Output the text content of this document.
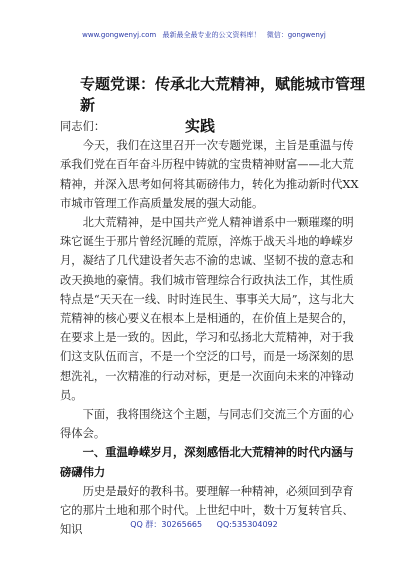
www.gongwenyj.com 最新最全最专业的公文资料库！ 微信：gongwenyj
专题党课：传承北大荒精神，赋能城市管理新
实践

同志们：

今天，我们在这里召开一次专题党课，主旨是重温与传承我们党在百年奋斗历程中铸就的宝贵精神财富——北大荒精神，并深入思考如何将其砺磅伟力，转化为推动新时代XX市城市管理工作高质量发展的强大动能。

北大荒精神，是中国共产党人精神谱系中一颗璀璨的明珠它诞生于那片曾经沉睡的荒原，淬炼于战天斗地的峥嵘岁月，凝结了几代建设者矢志不渝的忠诚、坚韧不拔的意志和改天换地的豪情。我们城市管理综合行政执法工作，其性质特点是“天天在一线、时时连民生、事事关大局”，这与北大荒精神的核心要义在根本上是相通的，在价值上是契合的，在要求上是一致的。因此，学习和弘扬北大荒精神，对于我们这支队伍而言，不是一个空泛的口号，而是一场深刻的思想洗礼，一次精准的行动对标，更是一次面向未来的冲锋动员。

下面，我将围绕这个主题，与同志们交流三个方面的心得体会。

一、重温峥嵘岁月，深刻感悟北大荒精神的时代内涵与磅礴伟力

历史是最好的教科书。要理解一种精神，必须回到孕育它的那片土地和那个时代。上世纪中叶，数十万复转官兵、知识	QQ 群：30265665 QQ:535304092
